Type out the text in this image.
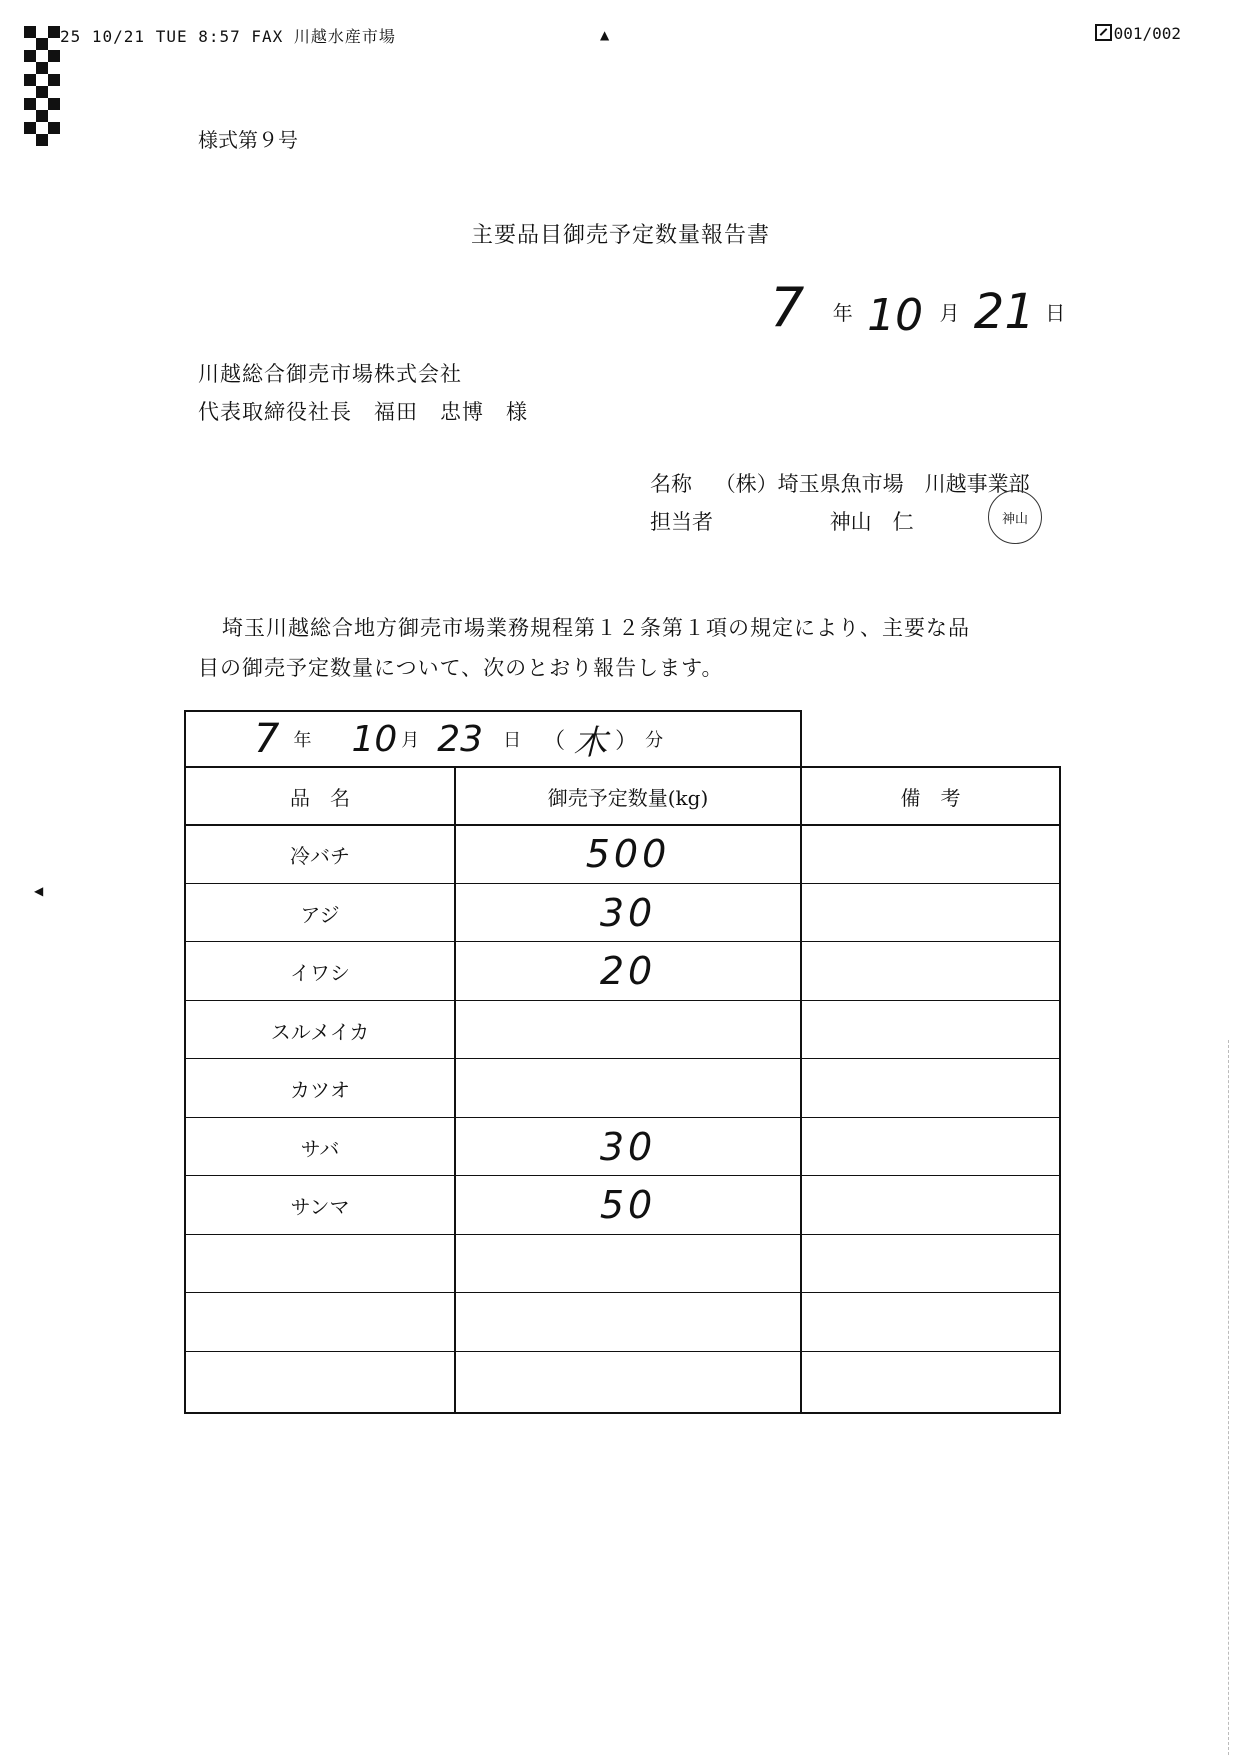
25 10/21 TUE 8:57 FAX 川越水産市場	▲	001/002
様式第９号
主要品目御売予定数量報告書
7 年 10 月 21 日
川越総合御売市場株式会社
代表取締役社長　福田　忠博　様
名称 （株）埼玉県魚市場　川越事業部
担当者	神山　仁	神山
埼玉川越総合地方御売市場業務規程第１２条第１項の規定により、主要な品
目の御売予定数量について、次のとおり報告します。
7 年 10 月 23 日 （ 木 ） 分
品　名	御売予定数量(kg)	備　考
冷バチ	500
アジ	30
イワシ	20
スルメイカ
カツオ
サバ	30
サンマ	50
◀
